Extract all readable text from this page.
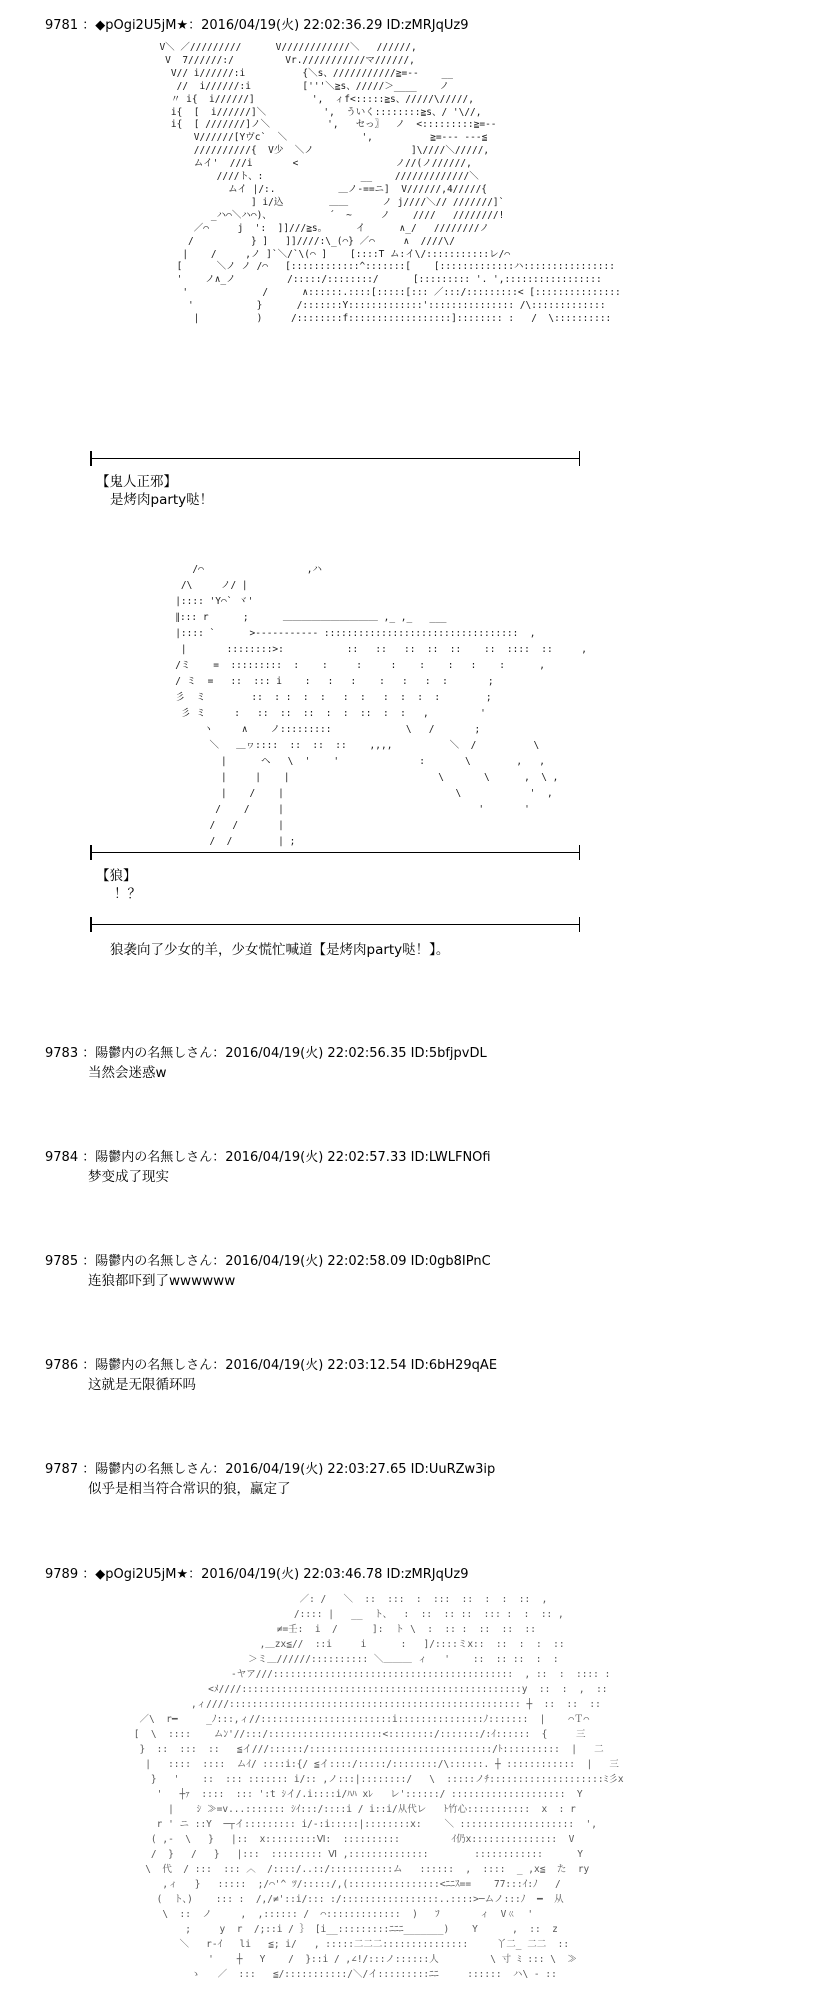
9781 ：◆pOgi2U5jM★：2016/04/19(火) 22:02:36.29 ID:zMRJqUz9
V＼ ／/////////      V////////////＼   //////,
V  7//////:/         Vr.///////////マ//////,
V// i//////:i          {＼s、///////////≧=--    __
//  i//////:i         ['''＼≧s、/////＞____    ノ
〃 i{  i//////]          ',  ィf<:::::≧s、/////\/////,
i{  [  i//////]＼          ',  ういく::::::::≧s、/ '\//,
i{  [ ///////]ノ＼          ',   セっ〗  ノ  <:::::::::≧=--
V//////[Yヴc`  ＼             ',          ≧=--- ---≦
//////////{  V少  ＼ノ                 ]\////＼/////,
ムイ'  ///i       <                 ノ//(ノ//////,
////ト、:                 __    /////////////＼
ムイ |/:.           ＿ノ-==ニ]  V//////,4/////{
] i/込        ＿＿      ノ j////＼// ///////]`
_ハ⌒＼ハ⌒)、          ´  ~     ノ    ////   ////////!
／⌒     j  ':  ]]///≧s。     イ      ∧_/   ////////ノ
/          } ]   ]]////:\_(⌒} ／⌒     ∧  ////\/
|    /     ,ノ ]`＼/`\(⌒ ]    [::::T ム:イ\/:::::::::::レ/⌒
[      ＼ノ ノ /⌒   [::::::::::::^:::::::[    [:::::::::::::ハ::::::::::::::::
'    ノ∧_ノ         /:::::/::::::::/      [::::::::: '. ',:::::::::::::::::
'             /      ∧::::::.::::[:::::[::: ／:::/:::::::::< [:::::::::::::::
'           }      /:::::::Y:::::::::::::'::::::::::::::: /\:::::::::::::
|          )     /::::::::f::::::::::::::::::]:::::::: :   /  \::::::::::
【鬼人正邪】
是烤肉party哒！
/⌒                  ,ハ
/\     ノ/ |
|:::: 'Y⌒` ヾ'
∥::: r      ;      ＿＿＿＿＿＿＿＿＿＿ ,_ ,_   ___
|:::: `      >-‐‐‐‐‐‐‐‐‐‐ ::::::::::::::::::::::::::::::::::  ,
|       ::::::::>:           ::   ::   ::  ::  ::    ::  ::::  ::     ,
/ミ    =  :::::::::  :    :     :     :    :    :   :    :      ,
/ ミ  =   ::  ::: i    :   :   :    :   :   :  :       ;
彡  ミ        ::  : :  :  :   :  :   :  :  :  :        ;
彡 ミ     :   ::  ::  ::  :  :  ::  :  :   ,         '
ヽ     ∧    ノ:::::::::             \   /       ;
＼   ＿ヮ::::  ::  ::  ::    ,,,,          ＼  /          \
|      ヘ   \  '    '              :       \        ,   ,
|     |    |                          \       \      ,  \ ,
|    /    |                              \            '  ,
/    /     |                                  '       '
/   /       |
/  /        | ;
【狼】
！？
狼袭向了少女的羊，少女慌忙喊道【是烤肉party哒！】。
9783 ：陽鬱内の名無しさん：2016/04/19(火) 22:02:56.35 ID:5bfjpvDL
当然会迷惑w
9784 ：陽鬱内の名無しさん：2016/04/19(火) 22:02:57.33 ID:LWLFNOfi
梦变成了现实
9785 ：陽鬱内の名無しさん：2016/04/19(火) 22:02:58.09 ID:0gb8IPnC
连狼都吓到了wwwwww
9786 ：陽鬱内の名無しさん：2016/04/19(火) 22:03:12.54 ID:6bH29qAE
这就是无限循环吗
9787 ：陽鬱内の名無しさん：2016/04/19(火) 22:03:27.65 ID:UuRZw3ip
似乎是相当符合常识的狼，赢定了
9789 ：◆pOgi2U5jM★：2016/04/19(火) 22:03:46.78 ID:zMRJqUz9
／: /   ＼  ::  :::  :  :::  ::  :  :  ::  ,
/:::: |   __  ト、  :  ::  :: ::  ::: :  :  :: ,
≠=壬:  i  /      ]:  ト \  :  :: :  ::  ::  ::
,＿zx≦//  ::i     i      :   ]/::::ミx::  ::  :  :  ::
＞ミ＿//////:::::::::: ＼＿＿＿ ィ   '    ::  :: ::  :  :
‐ヤア///::::::::::::::::::::::::::::::::::::::::::  , ::  :  :::: :
<ﾒ////:::::::::::::::::::::::::::::::::::::::::::::::::y  ::  :  ,  ::
,ィ////::::::::::::::::::::::::::::::::::::::::::::::::::: ┼  ::  ::  ::
／\  r━     _ﾉ:::,ィ//:::::::::::::::::::::::i:::::::::::::::ﾉ:::::::  |    ⌒Ｔ⌒
[  \  ::::    ムﾝ'//:::/::::::::::::::::::::<::::::::/:::::::/:ｲ::::::  {     三
}  ::  :::  ::   ≦イ///::::::/::::::::::::::::::::::::::::::::/ﾄ::::::::::  |   二
|   ::::  ::::  ムｲ/ ::::i:{/ ≦イ::::/:::::/::::::::/\::::::. ┼ ::::::::::::  |   三
}   '    ::  ::: ::::::: i/:: ,ノ:::|::::::::/   \  :::::ノﾁ::::::::::::::::::::ﾐ彡x
'   ┼ｧ  ::::  ::: ':t ｼイ/.i::::i/ﾊﾊ xﾚ   レ'::::::/ ::::::::::::::::::::  Y
|    ｼ ≫=v...::::::: ｼｲ:::/::::i / i::i/从代レ   ﾄ竹心:::::::::::  x  : r
r ' ニ ::Y  ─┬イ::::::::: i/-:i:::::|::::::::x:    ＼ ::::::::::::::::::::  ',
( ,-  \   }   |::  x:::::::::Ⅵ:  ::::::::::         ｲ仍x:::::::::::::::  V
/  }   /   }   |:::  ::::::::: Ⅵ ,::::::::::::::        ::::::::::::      Y
\  代  / :::  ::: ︿  /::::/..::/:::::::::::ム   ::::::  ,  ::::  _ ,x≦  た  ry
,ィ   }   :::::  ;/⌒'^ ﾂ/:::::/,(::::::::::::::::<ﾆﾆｽ==    77:::ｲ:ﾉ   /
(  ト、)    ::: :  /,/≠'::i/::: :/:::::::::::::::::..::::>─ムノ:::ﾉ  ━  从
\  ::  ノ     ,  ,:::::: /  ⌒:::::::::::::  )   ﾌ       ィ  Vㄍ  '
;     y  r  /;::i / ｝ [i__:::::::::ﾆﾆﾆ_______)    Y      ,  ::  z
＼   r-ｲ   li   ≦; i/   , :::::二二二:::::::::::::::     丫二_ 二二  ::
'    ┼   Y    /  }::i / ,∠!/:::ノ::::::人         \ 寸 ﾐ ::: \  ≫
ゝ   ／  :::   ≦/:::::::::::/＼/イ:::::::::ﾆﾆ     ::::::  ハ\ ‐ ::
